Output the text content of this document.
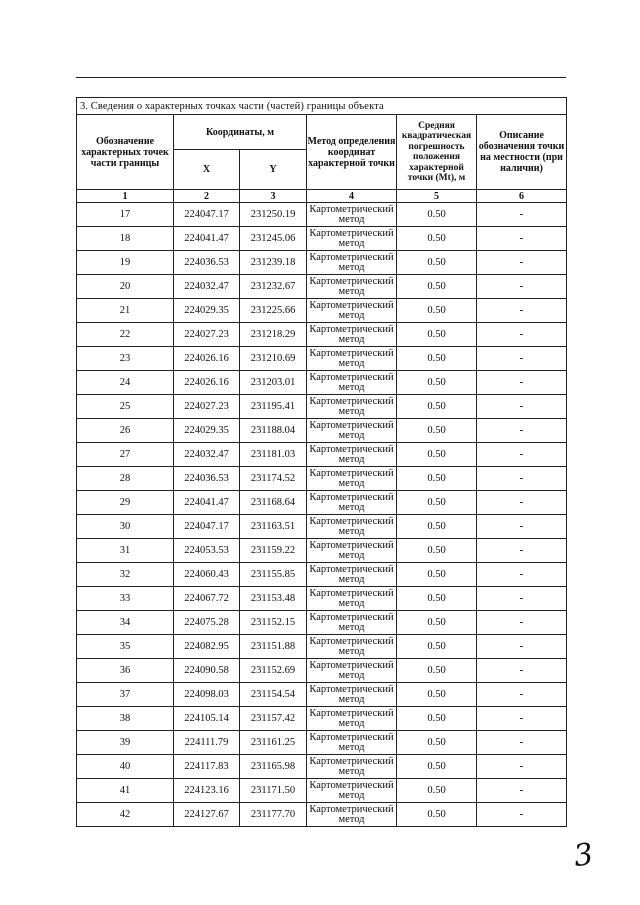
3. Сведения о характерных точках части (частей) границы объекта					
Обозначение характерных точек части границы	Координаты, м		Метод определения координат характерной точки	Средняя квадратическая погрешность положения характерной точки (Mt), м	Описание обозначения точки на местности (при наличии)
	X	Y			
1	2	3	4	5	6
17	224047.17	231250.19	Картометрический метод	0.50	-
18	224041.47	231245.06	Картометрический метод	0.50	-
19	224036.53	231239.18	Картометрический метод	0.50	-
20	224032.47	231232.67	Картометрический метод	0.50	-
21	224029.35	231225.66	Картометрический метод	0.50	-
22	224027.23	231218.29	Картометрический метод	0.50	-
23	224026.16	231210.69	Картометрический метод	0.50	-
24	224026.16	231203.01	Картометрический метод	0.50	-
25	224027.23	231195.41	Картометрический метод	0.50	-
26	224029.35	231188.04	Картометрический метод	0.50	-
27	224032.47	231181.03	Картометрический метод	0.50	-
28	224036.53	231174.52	Картометрический метод	0.50	-
29	224041.47	231168.64	Картометрический метод	0.50	-
30	224047.17	231163.51	Картометрический метод	0.50	-
31	224053.53	231159.22	Картометрический метод	0.50	-
32	224060.43	231155.85	Картометрический метод	0.50	-
33	224067.72	231153.48	Картометрический метод	0.50	-
34	224075.28	231152.15	Картометрический метод	0.50	-
35	224082.95	231151.88	Картометрический метод	0.50	-
36	224090.58	231152.69	Картометрический метод	0.50	-
37	224098.03	231154.54	Картометрический метод	0.50	-
38	224105.14	231157.42	Картометрический метод	0.50	-
39	224111.79	231161.25	Картометрический метод	0.50	-
40	224117.83	231165.98	Картометрический метод	0.50	-
41	224123.16	231171.50	Картометрический метод	0.50	-
42	224127.67	231177.70	Картометрический метод	0.50	-
3
